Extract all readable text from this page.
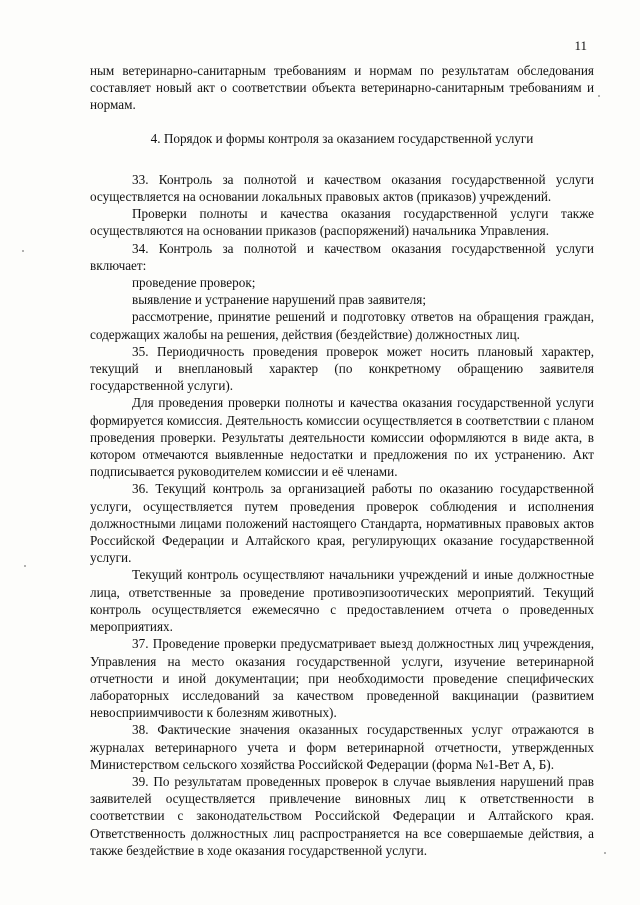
11

ным ветеринарно-санитарным требованиям и нормам по результатам обследования составляет новый акт о соответствии объекта ветеринарно-санитарным требованиям и нормам.

4. Порядок и формы контроля за оказанием государственной услуги

33. Контроль за полнотой и качеством оказания государственной услуги осуществляется на основании локальных правовых актов (приказов) учреждений.

Проверки полноты и качества оказания государственной услуги также осуществляются на основании приказов (распоряжений) начальника Управления.

34. Контроль за полнотой и качеством оказания государственной услуги включает:

проведение проверок;

выявление и устранение нарушений прав заявителя;

рассмотрение, принятие решений и подготовку ответов на обращения граждан, содержащих жалобы на решения, действия (бездействие) должностных лиц.

35. Периодичность проведения проверок может носить плановый характер, текущий и внеплановый характер (по конкретному обращению заявителя государственной услуги).

Для проведения проверки полноты и качества оказания государственной услуги формируется комиссия. Деятельность комиссии осуществляется в соответствии с планом проведения проверки. Результаты деятельности комиссии оформляются в виде акта, в котором отмечаются выявленные недостатки и предложения по их устранению. Акт подписывается руководителем комиссии и её членами.

36. Текущий контроль за организацией работы по оказанию государственной услуги, осуществляется путем проведения проверок соблюдения и исполнения должностными лицами положений настоящего Стандарта, нормативных правовых актов Российской Федерации и Алтайского края, регулирующих оказание государственной услуги.

Текущий контроль осуществляют начальники учреждений и иные должностные лица, ответственные за проведение противоэпизоотических мероприятий. Текущий контроль осуществляется ежемесячно с предоставлением отчета о проведенных мероприятиях.

37. Проведение проверки предусматривает выезд должностных лиц учреждения, Управления на место оказания государственной услуги, изучение ветеринарной отчетности и иной документации; при необходимости проведение специфических лабораторных исследований за качеством проведенной вакцинации (развитием невосприимчивости к болезням животных).

38. Фактические значения оказанных государственных услуг отражаются в журналах ветеринарного учета и форм ветеринарной отчетности, утвержденных Министерством сельского хозяйства Российской Федерации (форма №1-Вет А, Б).

39. По результатам проведенных проверок в случае выявления нарушений прав заявителей осуществляется привлечение виновных лиц к ответственности в соответствии с законодательством Российской Федерации и Алтайского края. Ответственность должностных лиц распространяется на все совершаемые действия, а также бездействие в ходе оказания государственной услуги.
